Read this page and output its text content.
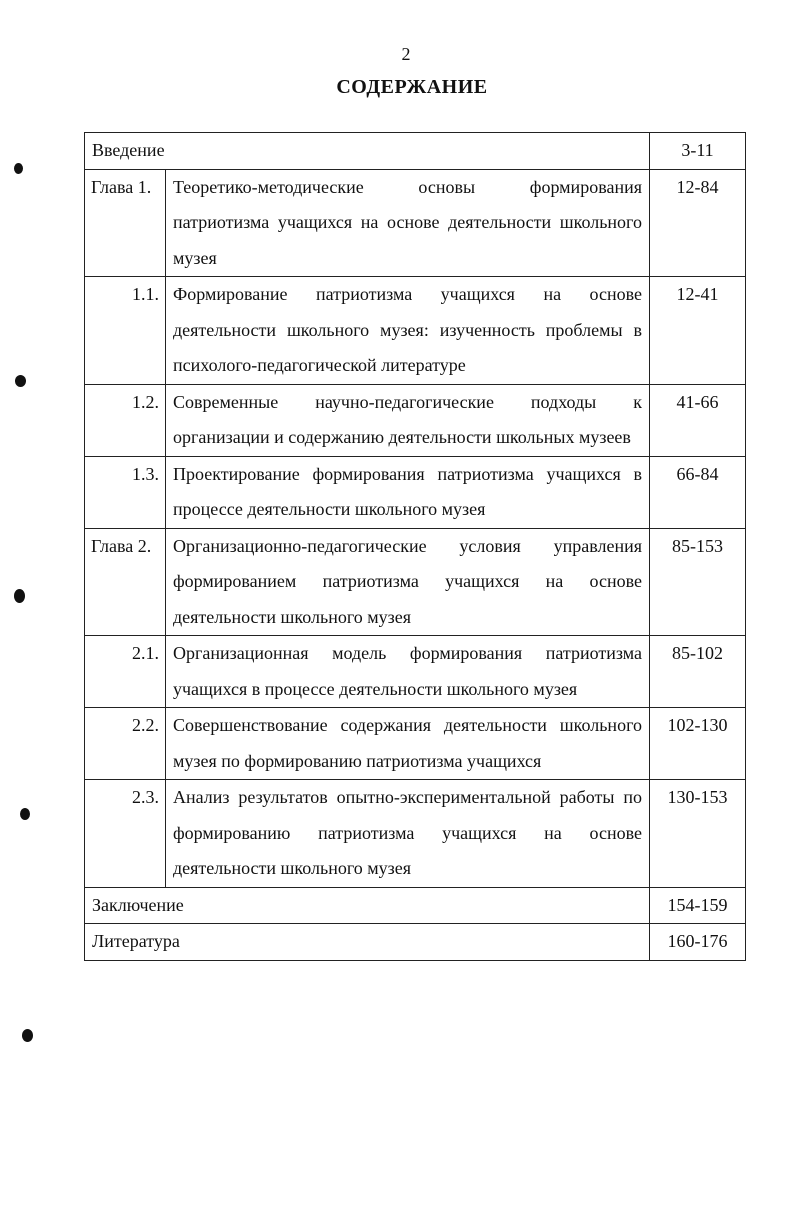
2
СОДЕРЖАНИЕ
Введение		3-11
Глава 1.	Теоретико-методические основы формирования патриотизма учащихся на основе деятельности школьного музея	12-84
1.1.	Формирование патриотизма учащихся на основе деятельности школьного музея: изученность проблемы в психолого-педагогической литературе	12-41
1.2.	Современные научно-педагогические подходы к организации и содержанию деятельности школьных музеев	41-66
1.3.	Проектирование формирования патриотизма учащихся в процессе деятельности школьного музея	66-84
Глава 2.	Организационно-педагогические условия управления формированием патриотизма учащихся на основе деятельности школьного музея	85-153
2.1.	Организационная модель формирования патриотизма учащихся в процессе деятельности школьного музея	85-102
2.2.	Совершенствование содержания деятельности школьного музея по формированию патриотизма учащихся	102-130
2.3.	Анализ результатов опытно-экспериментальной работы по формированию патриотизма учащихся на основе деятельности школьного музея	130-153
Заключение		154-159
Литература		160-176
